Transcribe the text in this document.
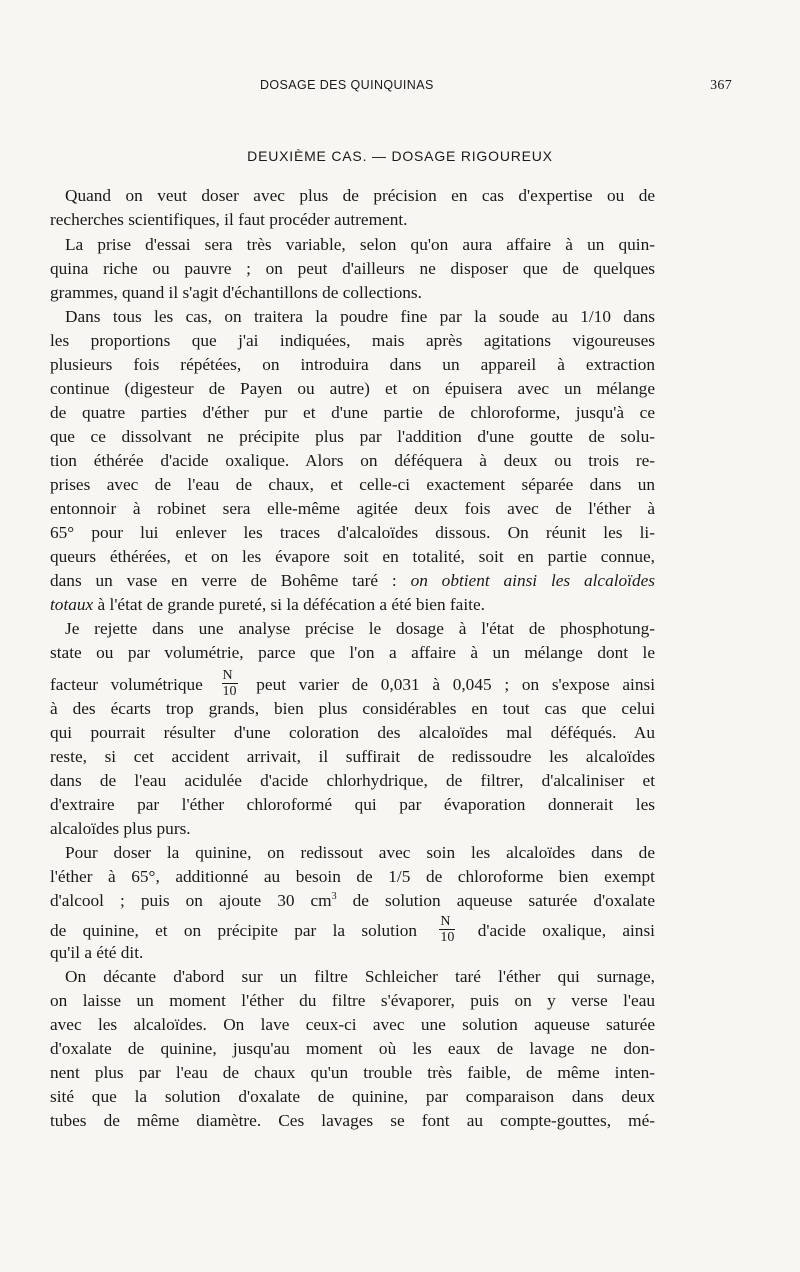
DOSAGE DES QUINQUINAS	367
DEUXIÈME CAS. — DOSAGE RIGOUREUX
Quand on veut doser avec plus de précision en cas d'expertise ou de
recherches scientifiques, il faut procéder autrement.
La prise d'essai sera très variable, selon qu'on aura affaire à un quin-
quina riche ou pauvre ; on peut d'ailleurs ne disposer que de quelques
grammes, quand il s'agit d'échantillons de collections.
Dans tous les cas, on traitera la poudre fine par la soude au 1/10 dans
les proportions que j'ai indiquées, mais après agitations vigoureuses
plusieurs fois répétées, on introduira dans un appareil à extraction
continue (digesteur de Payen ou autre) et on épuisera avec un mélange
de quatre parties d'éther pur et d'une partie de chloroforme, jusqu'à ce
que ce dissolvant ne précipite plus par l'addition d'une goutte de solu-
tion éthérée d'acide oxalique. Alors on déféquera à deux ou trois re-
prises avec de l'eau de chaux, et celle-ci exactement séparée dans un
entonnoir à robinet sera elle-même agitée deux fois avec de l'éther à
65° pour lui enlever les traces d'alcaloïdes dissous. On réunit les li-
queurs éthérées, et on les évapore soit en totalité, soit en partie connue,
dans un vase en verre de Bohême taré : on obtient ainsi les alcaloïdes
totaux à l'état de grande pureté, si la défécation a été bien faite.
Je rejette dans une analyse précise le dosage à l'état de phosphotung-
state ou par volumétrie, parce que l'on a affaire à un mélange dont le
facteur volumétrique $\frac{N}{10}$ peut varier de 0,031 à 0,045 ; on s'expose ainsi
à des écarts trop grands, bien plus considérables en tout cas que celui
qui pourrait résulter d'une coloration des alcaloïdes mal déféqués. Au
reste, si cet accident arrivait, il suffirait de redissoudre les alcaloïdes
dans de l'eau acidulée d'acide chlorhydrique, de filtrer, d'alcaliniser et
d'extraire par l'éther chloroformé qui par évaporation donnerait les
alcaloïdes plus purs.
Pour doser la quinine, on redissout avec soin les alcaloïdes dans de
l'éther à 65°, additionné au besoin de 1/5 de chloroforme bien exempt
d'alcool ; puis on ajoute 30 $cm^3$ de solution aqueuse saturée d'oxalate
de quinine, et on précipite par la solution $\frac{N}{10}$ d'acide oxalique, ainsi
qu'il a été dit.
On décante d'abord sur un filtre Schleicher taré l'éther qui surnage,
on laisse un moment l'éther du filtre s'évaporer, puis on y verse l'eau
avec les alcaloïdes. On lave ceux-ci avec une solution aqueuse saturée
d'oxalate de quinine, jusqu'au moment où les eaux de lavage ne don-
nent plus par l'eau de chaux qu'un trouble très faible, de même inten-
sité que la solution d'oxalate de quinine, par comparaison dans deux
tubes de même diamètre. Ces lavages se font au compte-gouttes, mé-
